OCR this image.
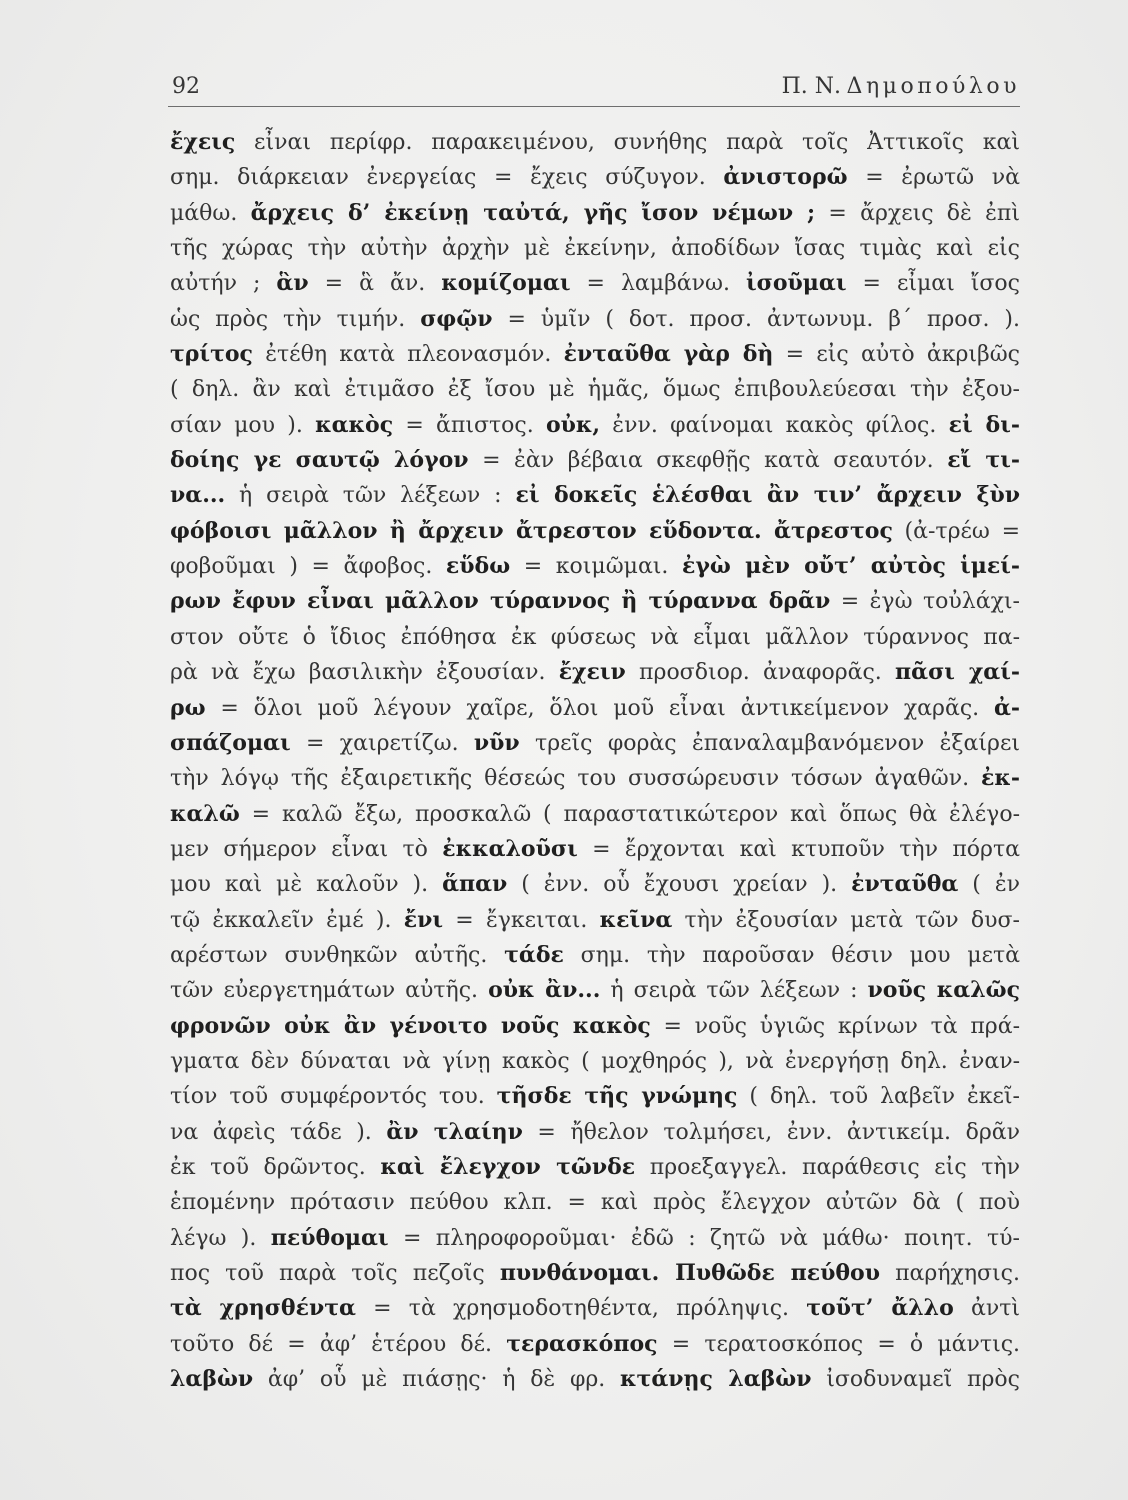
92	Π. Ν. Δημοπούλου
ἔχεις εἶναι περίφρ. παρακειμένου, συνήθης παρὰ τοῖς Ἀττικοῖς καὶ
σημ. διάρκειαν ἐνεργείας = ἔχεις σύζυγον. ἀνιστορῶ = ἐρωτῶ νὰ
μάθω. ἄρχεις δ’ ἐκείνῃ ταὐτά, γῆς ἴσον νέμων ; = ἄρχεις δὲ ἐπὶ
τῆς χώρας τὴν αὐτὴν ἀρχὴν μὲ ἐκείνην, ἀποδίδων ἴσας τιμὰς καὶ εἰς
αὐτήν ; ἃν = ἃ ἄν. κομίζομαι = λαμβάνω. ἰσοῦμαι = εἶμαι ἴσος
ὡς πρὸς τὴν τιμήν. σφῷν = ὑμῖν ( δοτ. προσ. ἀντωνυμ. β΄ προσ. ).
τρίτος ἐτέθη κατὰ πλεονασμόν. ἐνταῦθα γὰρ δὴ = εἰς αὐτὸ ἀκριβῶς
( δηλ. ἂν καὶ ἐτιμᾶσο ἐξ ἴσου μὲ ἡμᾶς, ὅμως ἐπιβουλεύεσαι τὴν ἐξου-
σίαν μου ). κακὸς = ἄπιστος. οὐκ, ἐνν. φαίνομαι κακὸς φίλος. εἰ δι-
δοίης γε σαυτῷ λόγον = ἐὰν βέβαια σκεφθῇς κατὰ σεαυτόν. εἴ τι-
να... ἡ σειρὰ τῶν λέξεων : εἰ δοκεῖς ἑλέσθαι ἂν τιν’ ἄρχειν ξὺν
φόβοισι μᾶλλον ἢ ἄρχειν ἄτρεστον εὕδοντα. ἄτρεστος (ἀ-τρέω =
φοβοῦμαι ) = ἄφοβος. εὕδω = κοιμῶμαι. ἐγὼ μὲν οὔτ’ αὐτὸς ἱμεί-
ρων ἔφυν εἶναι μᾶλλον τύραννος ἢ τύραννα δρᾶν = ἐγὼ τοὐλάχι-
στον οὔτε ὁ ἴδιος ἐπόθησα ἐκ φύσεως νὰ εἶμαι μᾶλλον τύραννος πα-
ρὰ νὰ ἔχω βασιλικὴν ἐξουσίαν. ἔχειν προσδιορ. ἀναφορᾶς. πᾶσι χαί-
ρω = ὅλοι μοῦ λέγουν χαῖρε, ὅλοι μοῦ εἶναι ἀντικείμενον χαρᾶς. ἀ-
σπάζομαι = χαιρετίζω. νῦν τρεῖς φορὰς ἐπαναλαμβανόμενον ἐξαίρει
τὴν λόγῳ τῆς ἐξαιρετικῆς θέσεώς του συσσώρευσιν τόσων ἀγαθῶν. ἐκ-
καλῶ = καλῶ ἔξω, προσκαλῶ ( παραστατικώτερον καὶ ὅπως θὰ ἐλέγο-
μεν σήμερον εἶναι τὸ ἐκκαλοῦσι = ἔρχονται καὶ κτυποῦν τὴν πόρτα
μου καὶ μὲ καλοῦν ). ἅπαν ( ἐνν. οὗ ἔχουσι χρείαν ). ἐνταῦθα ( ἐν
τῷ ἐκκαλεῖν ἐμέ ). ἔνι = ἔγκειται. κεῖνα τὴν ἐξουσίαν μετὰ τῶν δυσ-
αρέστων συνθηκῶν αὐτῆς. τάδε σημ. τὴν παροῦσαν θέσιν μου μετὰ
τῶν εὐεργετημάτων αὐτῆς. οὐκ ἂν... ἡ σειρὰ τῶν λέξεων : νοῦς καλῶς
φρονῶν οὐκ ἂν γένοιτο νοῦς κακὸς = νοῦς ὑγιῶς κρίνων τὰ πρά-
γματα δὲν δύναται νὰ γίνῃ κακὸς ( μοχθηρός ), νὰ ἐνεργήσῃ δηλ. ἐναν-
τίον τοῦ συμφέροντός του. τῆσδε τῆς γνώμης ( δηλ. τοῦ λαβεῖν ἐκεῖ-
να ἀφεὶς τάδε ). ἂν τλαίην = ἤθελον τολμήσει, ἐνν. ἀντικείμ. δρᾶν
ἐκ τοῦ δρῶντος. καὶ ἔλεγχον τῶνδε προεξαγγελ. παράθεσις εἰς τὴν
ἑπομένην πρότασιν πεύθου κλπ. = καὶ πρὸς ἔλεγχον αὐτῶν δὰ ( ποὺ
λέγω ). πεύθομαι = πληροφοροῦμαι· ἐδῶ : ζητῶ νὰ μάθω· ποιητ. τύ-
πος τοῦ παρὰ τοῖς πεζοῖς πυνθάνομαι. Πυθῶδε πεύθου παρήχησις.
τὰ χρησθέντα = τὰ χρησμοδοτηθέντα, πρόληψις. τοῦτ’ ἄλλο ἀντὶ
τοῦτο δέ = ἀφ’ ἑτέρου δέ. τερασκόπος = τερατοσκόπος = ὁ μάντις.
λαβὼν ἀφ’ οὗ μὲ πιάσῃς· ἡ δὲ φρ. κτάνῃς λαβὼν ἰσοδυναμεῖ πρὸς
